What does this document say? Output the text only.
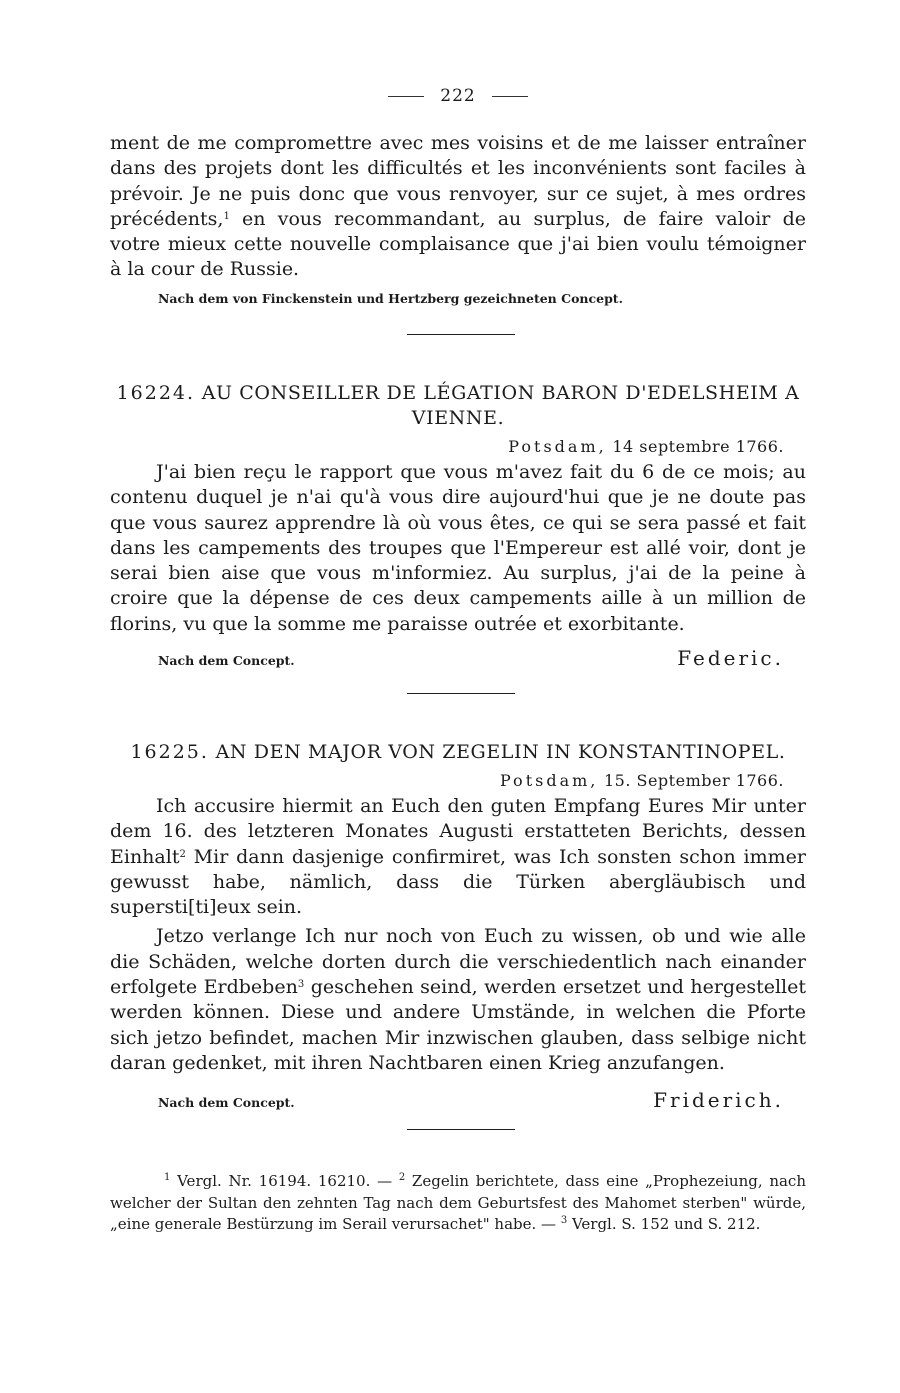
222

ment de me compromettre avec mes voisins et de me laisser entraîner dans des projets dont les difficultés et les inconvénients sont faciles à prévoir. Je ne puis donc que vous renvoyer, sur ce sujet, à mes ordres précédents,$^1$ en vous recommandant, au surplus, de faire valoir de votre mieux cette nouvelle complaisance que j'ai bien voulu témoigner à la cour de Russie.

Nach dem von Finckenstein und Hertzberg gezeichneten Concept.
16224. AU CONSEILLER DE LÉGATION BARON D'EDELSHEIM A VIENNE.
Potsdam, 14 septembre 1766.

J'ai bien reçu le rapport que vous m'avez fait du 6 de ce mois; au contenu duquel je n'ai qu'à vous dire aujourd'hui que je ne doute pas que vous saurez apprendre là où vous êtes, ce qui se sera passé et fait dans les campements des troupes que l'Empereur est allé voir, dont je serai bien aise que vous m'informiez. Au surplus, j'ai de la peine à croire que la dépense de ces deux campements aille à un million de florins, vu que la somme me paraisse outrée et exorbitante.

Nach dem Concept.	Federic.
16225. AN DEN MAJOR VON ZEGELIN IN KONSTANTINOPEL.
Potsdam, 15. September 1766.

Ich accusire hiermit an Euch den guten Empfang Eures Mir unter dem 16. des letzteren Monates Augusti erstatteten Berichts, dessen Einhalt$^2$ Mir dann dasjenige confirmiret, was Ich sonsten schon immer gewusst habe, nämlich, dass die Türken abergläubisch und supersti[ti]eux sein.

Jetzo verlange Ich nur noch von Euch zu wissen, ob und wie alle die Schäden, welche dorten durch die verschiedentlich nach einander erfolgete Erdbeben$^3$ geschehen seind, werden ersetzet und hergestellet werden können. Diese und andere Umstände, in welchen die Pforte sich jetzo befindet, machen Mir inzwischen glauben, dass selbige nicht daran gedenket, mit ihren Nachtbaren einen Krieg anzufangen.

Nach dem Concept.	Friderich.
$^1$ Vergl. Nr. 16194. 16210. — $^2$ Zegelin berichtete, dass eine „Prophezeiung, nach welcher der Sultan den zehnten Tag nach dem Geburtsfest des Mahomet sterben" würde, „eine generale Bestürzung im Serail verursachet" habe. — $^3$ Vergl. S. 152 und S. 212.
